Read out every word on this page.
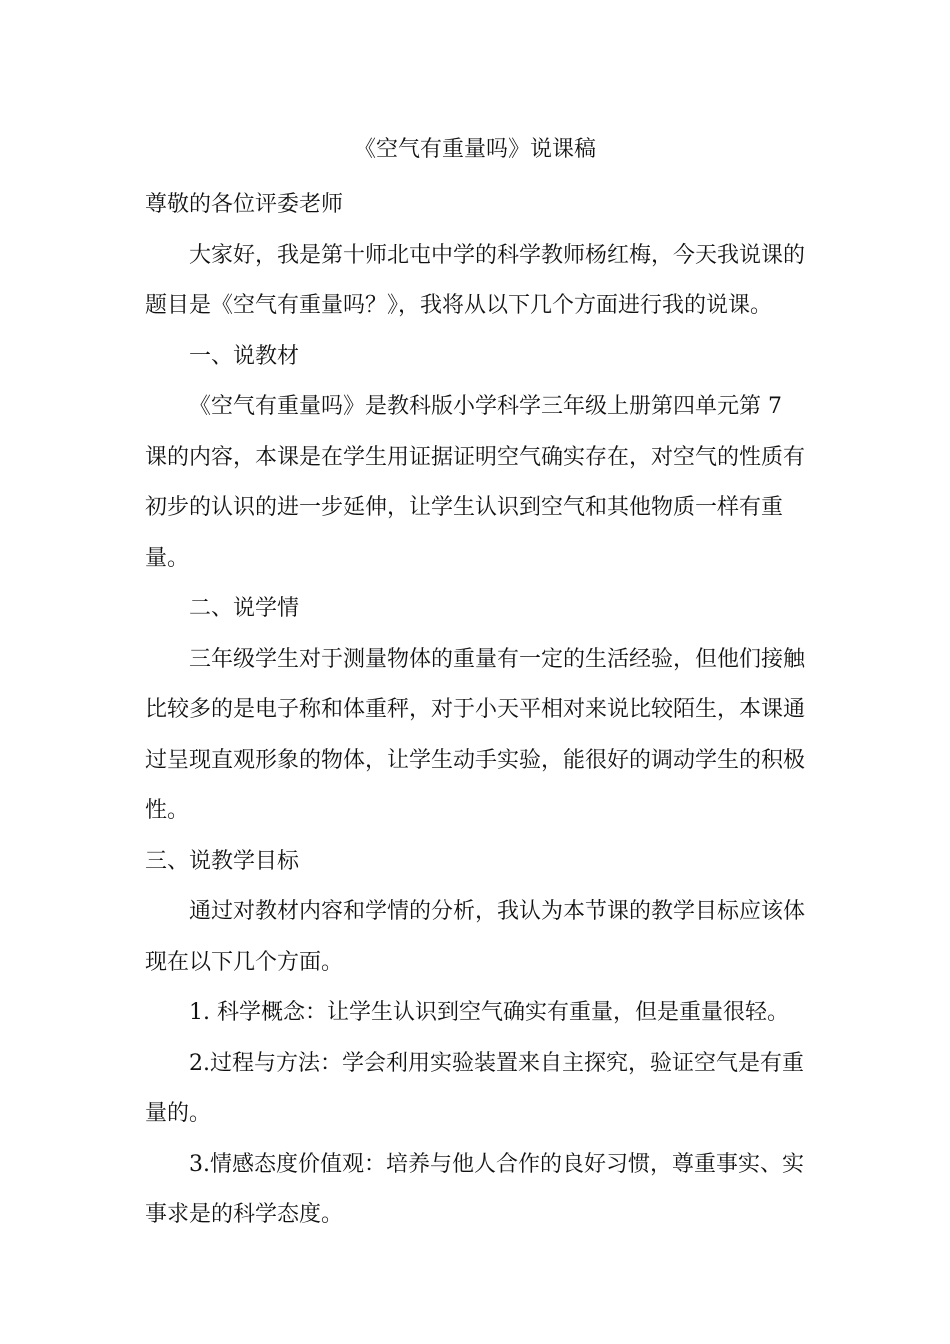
《空气有重量吗》说课稿

尊敬的各位评委老师

大家好，我是第十师北屯中学的科学教师杨红梅，今天我说课的题目是《空气有重量吗？》，我将从以下几个方面进行我的说课。

一、说教材

《空气有重量吗》是教科版小学科学三年级上册第四单元第 7 课的内容，本课是在学生用证据证明空气确实存在，对空气的性质有初步的认识的进一步延伸，让学生认识到空气和其他物质一样有重量。

二、说学情

三年级学生对于测量物体的重量有一定的生活经验，但他们接触比较多的是电子称和体重秤，对于小天平相对来说比较陌生，本课通过呈现直观形象的物体，让学生动手实验，能很好的调动学生的积极性。

三、说教学目标

通过对教材内容和学情的分析，我认为本节课的教学目标应该体现在以下几个方面。

1. 科学概念：让学生认识到空气确实有重量，但是重量很轻。

2.过程与方法：学会利用实验装置来自主探究，验证空气是有重量的。

3.情感态度价值观：培养与他人合作的良好习惯，尊重事实、实事求是的科学态度。
